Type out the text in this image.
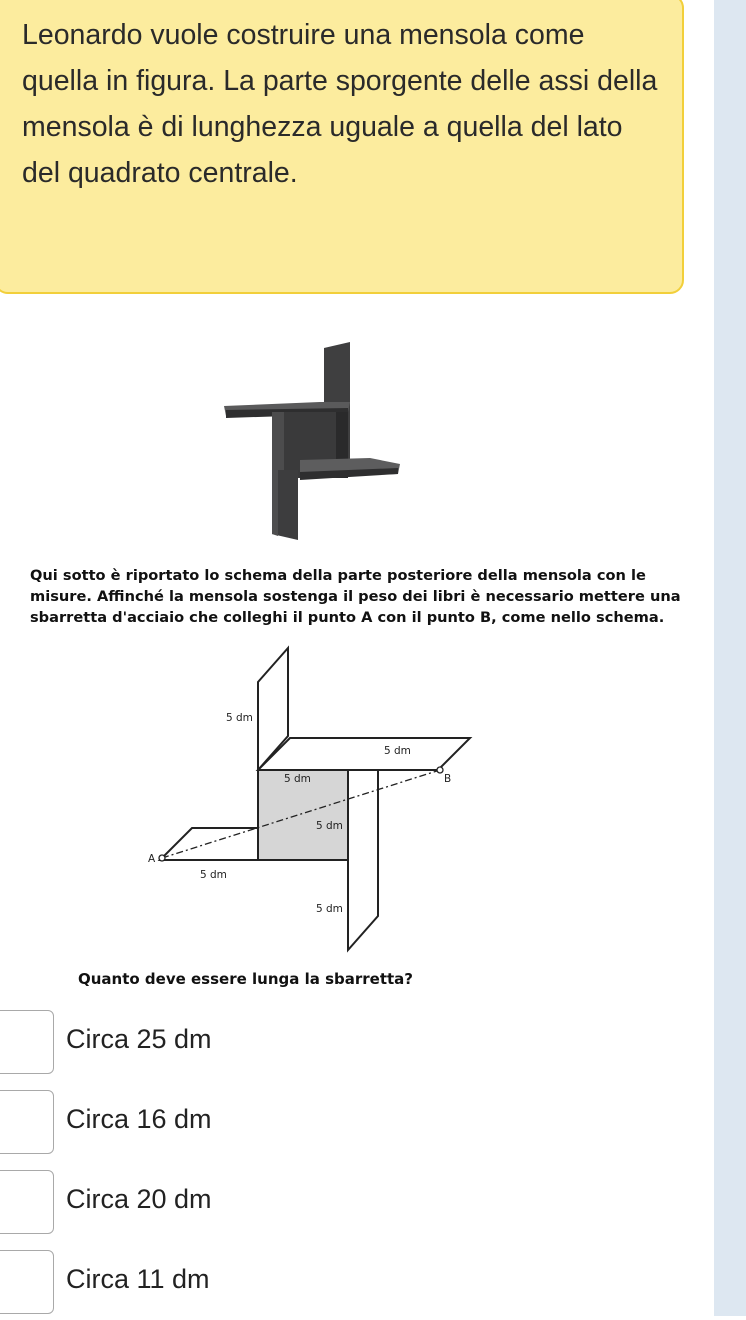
Leonardo vuole costruire una mensola come quella in figura. La parte sporgente delle assi della mensola è di lunghezza uguale a quella del lato del quadrato centrale.
Qui sotto è riportato lo schema della parte posteriore della mensola con le misure. Affinché la mensola sostenga il peso dei libri è necessario mettere una sbarretta d'acciaio che colleghi il punto A con il punto B, come nello schema.
5 dm
5 dm
5 dm
5 dm
5 dm
5 dm
A
B
Quanto deve essere lunga la sbarretta?
Circa 25 dm
Circa 16 dm
Circa 20 dm
Circa 11 dm
